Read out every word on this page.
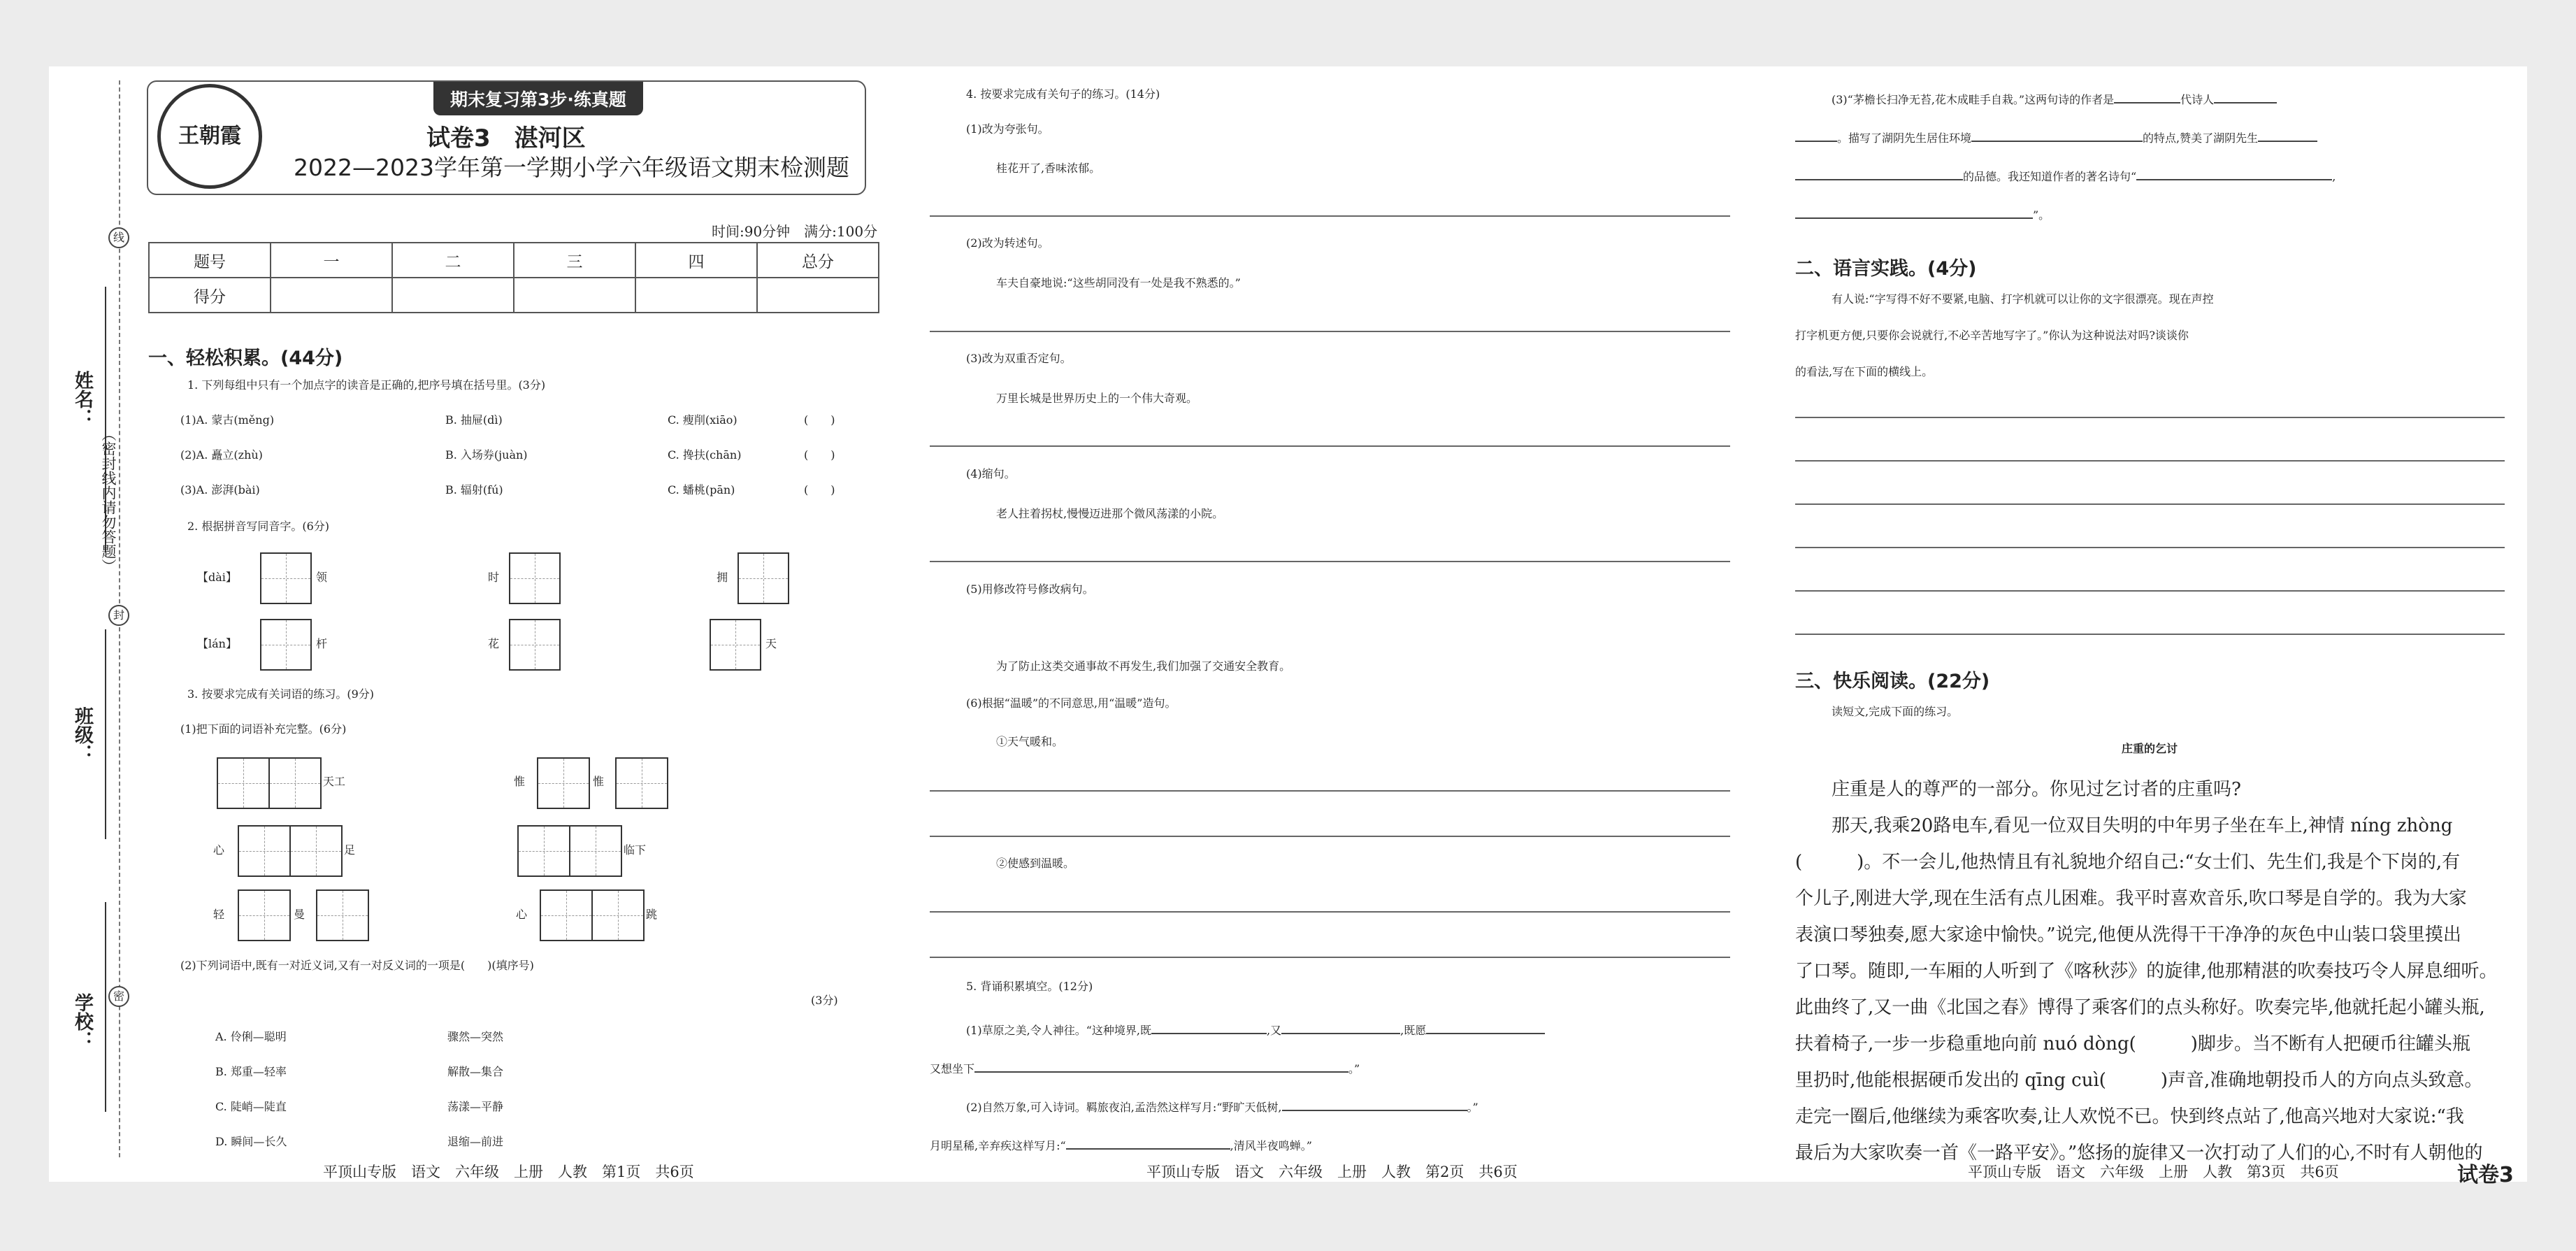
姓名：
班级：
学校：
（密封线内请勿答题）
线
封
密
王朝霞
期末复习第3步·练真题
试卷3　湛河区
2022—2023学年第一学期小学六年级语文期末检测题
时间:90分钟　满分:100分
题号	一	二	三	四	总分
得分					
一、轻松积累。(44分)
1. 下列每组中只有一个加点字的读音是正确的,把序号填在括号里。(3分)
(1)A. 蒙古(měng)	B. 抽屉(dì)	C. 瘦削(xiāo)	(　　)
(2)A. 矗立(zhù)	B. 入场券(juàn)	C. 搀扶(chān)	(　　)
(3)A. 澎湃(bài)	B. 辐射(fú)	C. 蟠桃(pān)	(　　)
2. 根据拼音写同音字。(6分)
【dài】	领	时	拥
【lán】	杆	花	天
3. 按要求完成有关词语的练习。(9分)
(1)把下面的词语补充完整。(6分)
天工	惟	惟
心	足	临下
轻	曼	心	跳
(2)下列词语中,既有一对近义词,又有一对反义词的一项是(　　)(填序号)
(3分)
A. 伶俐—聪明	骤然—突然
B. 郑重—轻率	解散—集合
C. 陡峭—陡直	荡漾—平静
D. 瞬间—长久	退缩—前进
平顶山专版　语文　六年级　上册　人教　第1页　共6页
4. 按要求完成有关句子的练习。(14分)
(1)改为夸张句。
桂花开了,香味浓郁。
(2)改为转述句。
车夫自豪地说:“这些胡同没有一处是我不熟悉的。”
(3)改为双重否定句。
万里长城是世界历史上的一个伟大奇观。
(4)缩句。
老人拄着拐杖,慢慢迈进那个微风荡漾的小院。
(5)用修改符号修改病句。
为了防止这类交通事故不再发生,我们加强了交通安全教育。
(6)根据“温暖”的不同意思,用“温暖”造句。
①天气暖和。
②使感到温暖。
5. 背诵积累填空。(12分)
(1)草原之美,令人神往。“这种境界,既	,又	,既愿
又想坐下	。”
(2)自然万象,可入诗词。羁旅夜泊,孟浩然这样写月:“野旷天低树,	。”
月明星稀,辛弃疾这样写月:“	,清风半夜鸣蝉。”
平顶山专版　语文　六年级　上册　人教　第2页　共6页
(3)“茅檐长扫净无苔,花木成畦手自栽。”这两句诗的作者是	代诗人
。描写了湖阴先生居住环境	的特点,赞美了湖阴先生
的品德。我还知道作者的著名诗句“	,
”。
二、语言实践。(4分)
有人说:“字写得不好不要紧,电脑、打字机就可以让你的文字很漂亮。现在声控
打字机更方便,只要你会说就行,不必辛苦地写字了。”你认为这种说法对吗?谈谈你
的看法,写在下面的横线上。
三、快乐阅读。(22分)
读短文,完成下面的练习。
庄重的乞讨
庄重是人的尊严的一部分。你见过乞讨者的庄重吗?
那天,我乘20路电车,看见一位双目失明的中年男子坐在车上,神情 níng zhòng
(　　　)。不一会儿,他热情且有礼貌地介绍自己:“女士们、先生们,我是个下岗的,有
个儿子,刚进大学,现在生活有点儿困难。我平时喜欢音乐,吹口琴是自学的。我为大家
表演口琴独奏,愿大家途中愉快。”说完,他便从洗得干干净净的灰色中山装口袋里摸出
了口琴。随即,一车厢的人听到了《喀秋莎》的旋律,他那精湛的吹奏技巧令人屏息细听。
此曲终了,又一曲《北国之春》博得了乘客们的点头称好。吹奏完毕,他就托起小罐头瓶,
扶着椅子,一步一步稳重地向前 nuó dòng(　　　)脚步。当不断有人把硬币往罐头瓶
里扔时,他能根据硬币发出的 qīng cuì(　　　)声音,准确地朝投币人的方向点头致意。
走完一圈后,他继续为乘客吹奏,让人欢悦不已。快到终点站了,他高兴地对大家说:“我
最后为大家吹奏一首《一路平安》。”悠扬的旋律又一次打动了人们的心,不时有人朝他的
平顶山专版　语文　六年级　上册　人教　第3页　共6页	试卷3
